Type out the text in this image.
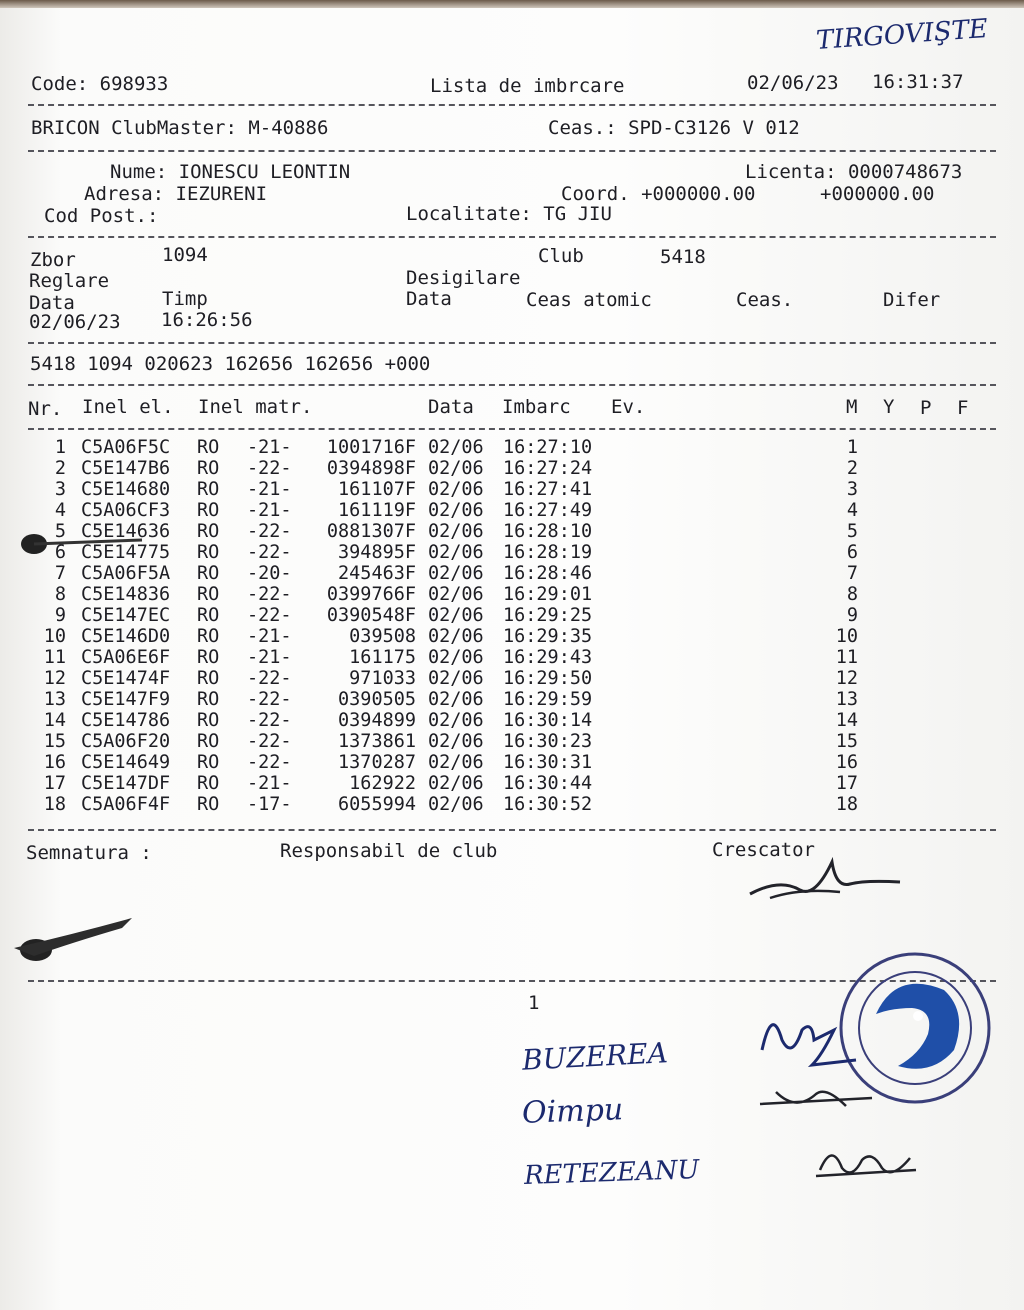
TIRGOVIŞTE
Code: 698933	Lista de imbrcare	02/06/23 16:31:37
BRICON ClubMaster: M-40886	Ceas.: SPD-C3126 V 012
Nume: IONESCU LEONTIN	Licenta: 0000748673
Adresa: IEZURENI	Coord. +000000.00	+000000.00
Cod Post.:	Localitate: TG JIU
Zbor	1094	Club	5418
Reglare	Desigilare
Data	Timp	Data	Ceas atomic	Ceas.	Difer
02/06/23 16:26:56
5418 1094 020623 162656 162656 +000
Nr. Inel el. Inel matr.	Data Imbarc Ev.	M Y P F
1 C5A06F5C RO -21-	1001716F 02/06 16:27:10	1
2 C5E147B6 RO -22-	0394898F 02/06 16:27:24	2
3 C5E14680 RO -21-	161107F 02/06 16:27:41	3
4 C5A06CF3 RO -21-	161119F 02/06 16:27:49	4
5 C5E14636 RO -22-	0881307F 02/06 16:28:10	5
6 C5E14775 RO -22-	394895F 02/06 16:28:19	6
7 C5A06F5A RO -20-	245463F 02/06 16:28:46	7
8 C5E14836 RO -22-	0399766F 02/06 16:29:01	8
9 C5E147EC RO -22-	0390548F 02/06 16:29:25	9
10 C5E146D0 RO -21-	039508 02/06 16:29:35	10
11 C5A06E6F RO -21-	161175 02/06 16:29:43	11
12 C5E1474F RO -22-	971033 02/06 16:29:50	12
13 C5E147F9 RO -22-	0390505 02/06 16:29:59	13
14 C5E14786 RO -22-	0394899 02/06 16:30:14	14
15 C5A06F20 RO -22-	1373861 02/06 16:30:23	15
16 C5E14649 RO -22-	1370287 02/06 16:30:31	16
17 C5E147DF RO -21-	162922 02/06 16:30:44	17
18 C5A06F4F RO -17-	6055994 02/06 16:30:52	18
Semnatura :	Responsabil de club	Crescator
1
BUZEREA
Oimpu
RETEZEANU
